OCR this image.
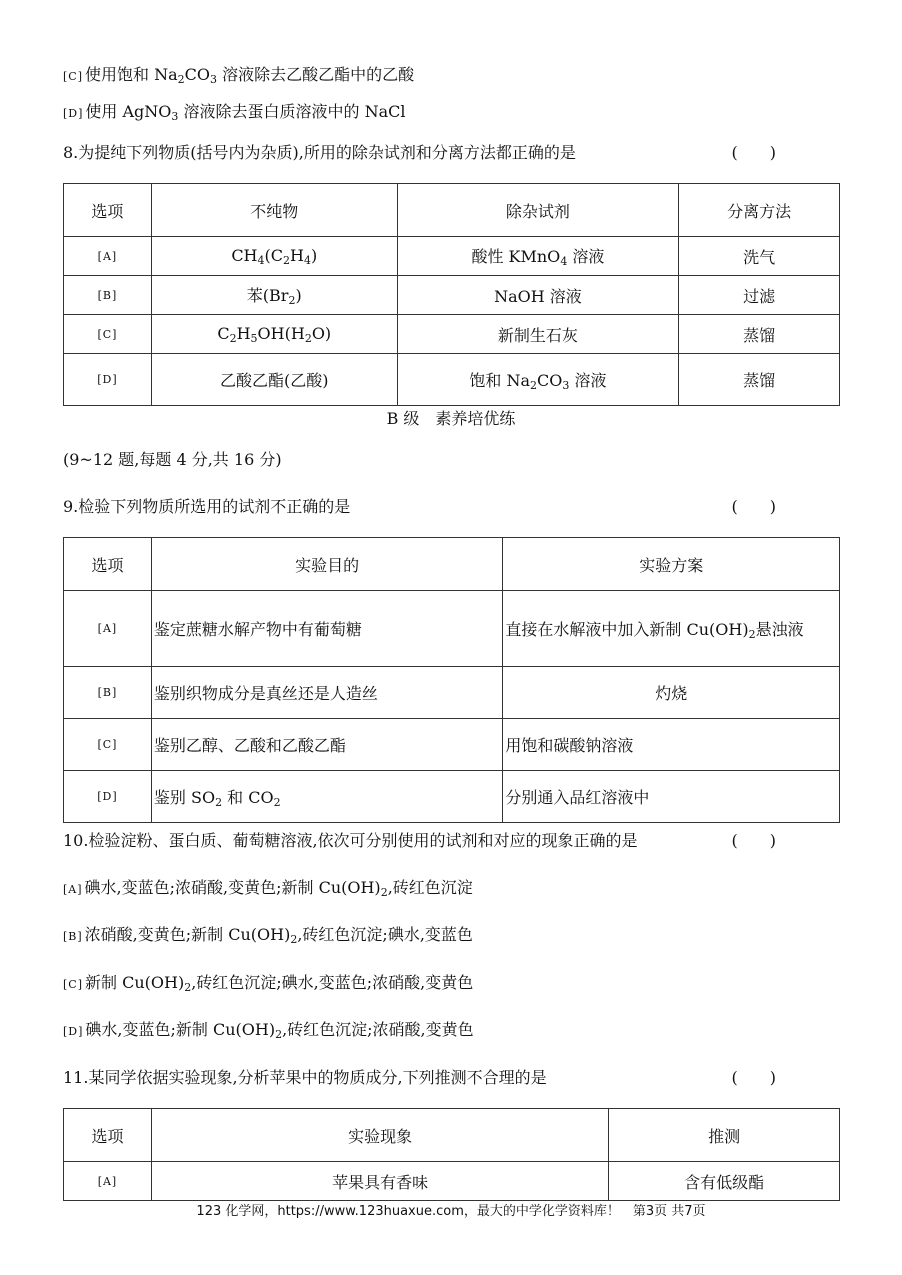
[C] 使用饱和 $Na_2CO_3$ 溶液除去乙酸乙酯中的乙酸
[D] 使用 AgNO$_3$ 溶液除去蛋白质溶液中的 NaCl
8.为提纯下列物质(括号内为杂质),所用的除杂试剂和分离方法都正确的是	(　　)
选项	不纯物	除杂试剂	分离方法
[A]	$CH_4(C_2H_4)$	酸性 KMnO$_4$ 溶液	洗气
[B]	苯$(Br_2)$	NaOH 溶液	过滤
[C]	$C_2H_5OH(H_2O)$	新制生石灰	蒸馏
[D]	乙酸乙酯(乙酸)	饱和 $Na_2CO_3$ 溶液	蒸馏
B 级　素养培优练
(9~12 题,每题 4 分,共 16 分)
9.检验下列物质所选用的试剂不正确的是	(　　)
选项	实验目的	实验方案
[A]	鉴定蔗糖水解产物中有葡萄糖	直接在水解液中加入新制 $Cu(OH)_2$悬浊液
[B]	鉴别织物成分是真丝还是人造丝	灼烧
[C]	鉴别乙醇、乙酸和乙酸乙酯	用饱和碳酸钠溶液
[D]	鉴别 $SO_2$ 和 $CO_2$	分别通入品红溶液中
10.检验淀粉、蛋白质、葡萄糖溶液,依次可分别使用的试剂和对应的现象正确的是	(　　)
[A] 碘水,变蓝色;浓硝酸,变黄色;新制 $Cu(OH)_2$,砖红色沉淀
[B] 浓硝酸,变黄色;新制 $Cu(OH)_2$,砖红色沉淀;碘水,变蓝色
[C] 新制 $Cu(OH)_2$,砖红色沉淀;碘水,变蓝色;浓硝酸,变黄色
[D] 碘水,变蓝色;新制 $Cu(OH)_2$,砖红色沉淀;浓硝酸,变黄色
11.某同学依据实验现象,分析苹果中的物质成分,下列推测不合理的是	(　　)
选项	实验现象	推测
[A]	苹果具有香味	含有低级酯
123 化学网，https://www.123huaxue.com，最大的中学化学资料库！　第3页 共7页
